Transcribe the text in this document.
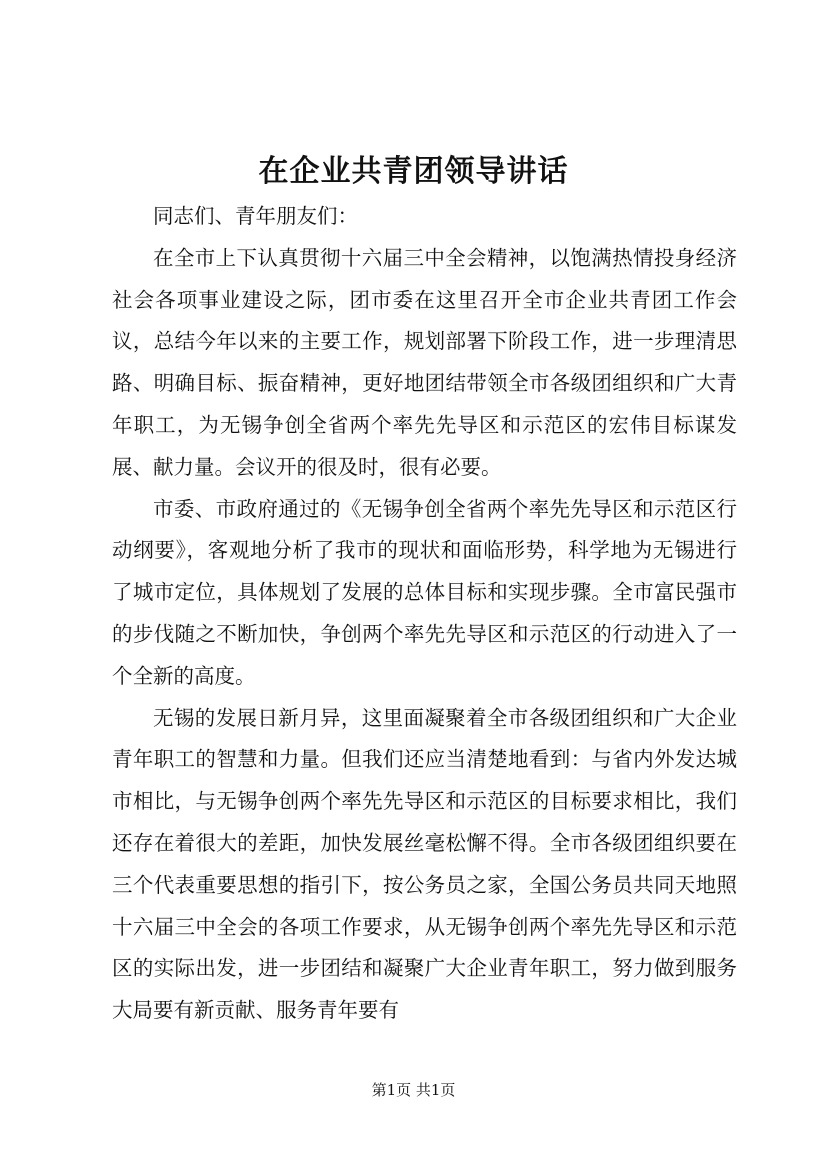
在企业共青团领导讲话

同志们、青年朋友们：

在全市上下认真贯彻十六届三中全会精神，以饱满热情投身经济社会各项事业建设之际，团市委在这里召开全市企业共青团工作会议，总结今年以来的主要工作，规划部署下阶段工作，进一步理清思路、明确目标、振奋精神，更好地团结带领全市各级团组织和广大青年职工，为无锡争创全省两个率先先导区和示范区的宏伟目标谋发展、献力量。会议开的很及时，很有必要。

市委、市政府通过的《无锡争创全省两个率先先导区和示范区行动纲要》，客观地分析了我市的现状和面临形势，科学地为无锡进行了城市定位，具体规划了发展的总体目标和实现步骤。全市富民强市的步伐随之不断加快，争创两个率先先导区和示范区的行动进入了一个全新的高度。

无锡的发展日新月异，这里面凝聚着全市各级团组织和广大企业青年职工的智慧和力量。但我们还应当清楚地看到：与省内外发达城市相比，与无锡争创两个率先先导区和示范区的目标要求相比，我们还存在着很大的差距，加快发展丝毫松懈不得。全市各级团组织要在三个代表重要思想的指引下，按公务员之家，全国公务员共同天地照十六届三中全会的各项工作要求，从无锡争创两个率先先导区和示范区的实际出发，进一步团结和凝聚广大企业青年职工，努力做到服务大局要有新贡献、服务青年要有

第1页 共1页
